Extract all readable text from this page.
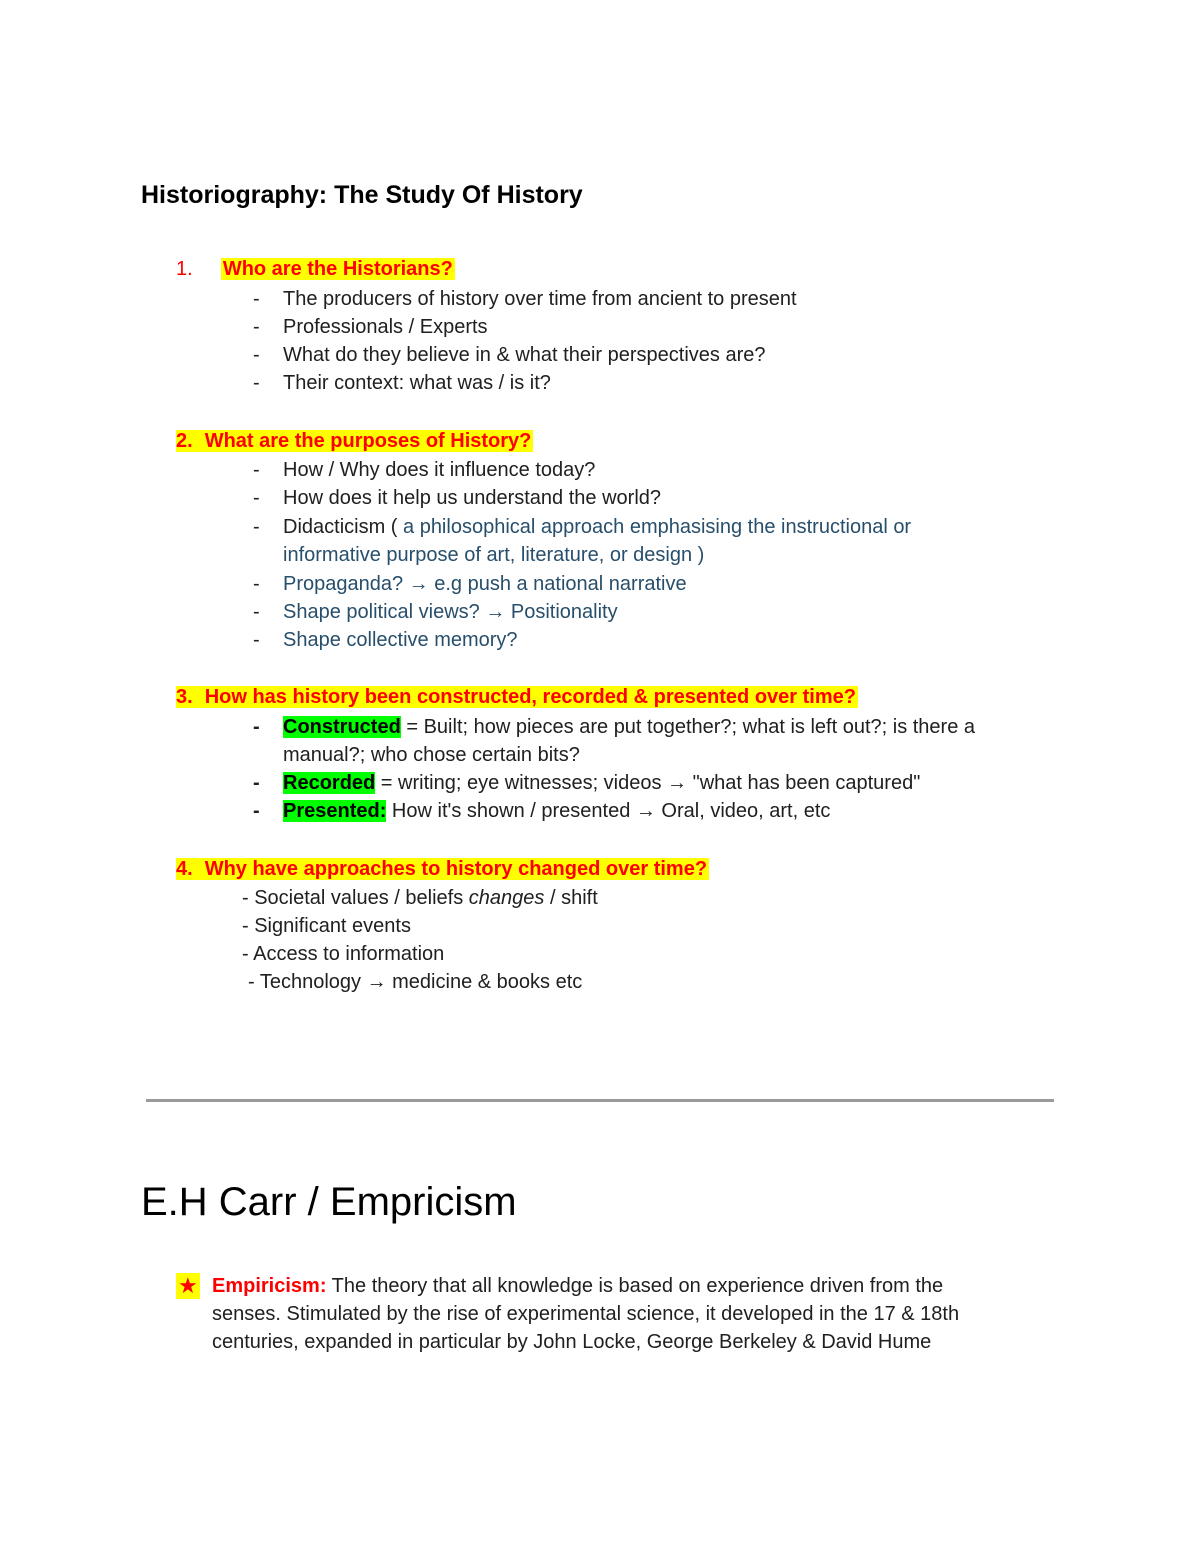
Historiography: The Study Of History
1. Who are the Historians?
- The producers of history over time from ancient to present
- Professionals / Experts
- What do they believe in & what their perspectives are?
- Their context: what was / is it?
2. What are the purposes of History?
- How / Why does it influence today?
- How does it help us understand the world?
- Didacticism ( a philosophical approach emphasising the instructional or
informative purpose of art, literature, or design )
- Propaganda? → e.g push a national narrative
- Shape political views? → Positionality
- Shape collective memory?
3. How has history been constructed, recorded & presented over time?
- Constructed = Built; how pieces are put together?; what is left out?; is there a
manual?; who chose certain bits?
- Recorded = writing; eye witnesses; videos → "what has been captured"
- Presented: How it's shown / presented → Oral, video, art, etc
4. Why have approaches to history changed over time?
- Societal values / beliefs changes / shift
- Significant events
- Access to information
- Technology → medicine & books etc
E.H Carr / Empricism
★ Empiricism: The theory that all knowledge is based on experience driven from the
senses. Stimulated by the rise of experimental science, it developed in the 17 & 18th
centuries, expanded in particular by John Locke, George Berkeley & David Hume
